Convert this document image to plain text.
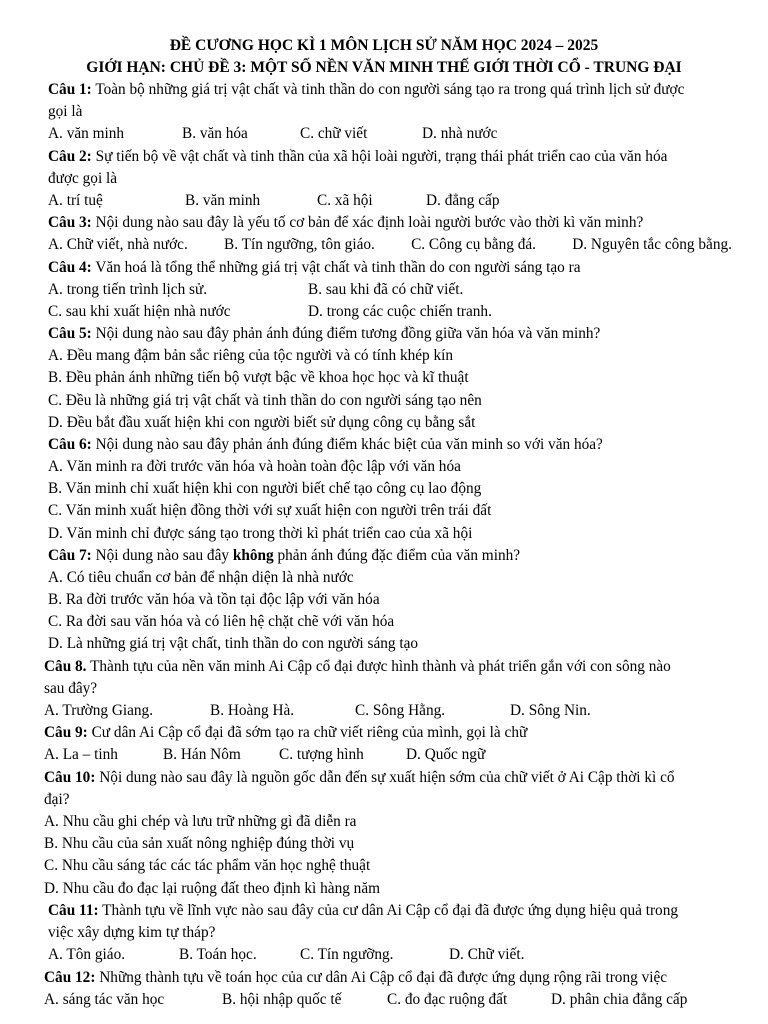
ĐỀ CƯƠNG HỌC KÌ 1 MÔN LỊCH SỬ NĂM HỌC 2024 – 2025
GIỚI HẠN: CHỦ ĐỀ 3: MỘT SỐ NỀN VĂN MINH THẾ GIỚI THỜI CỔ - TRUNG ĐẠI
Câu 1: Toàn bộ những giá trị vật chất và tinh thần do con người sáng tạo ra trong quá trình lịch sử được
gọi là
A. văn minh	B. văn hóa	C. chữ viết	D. nhà nước
Câu 2: Sự tiến bộ về vật chất và tinh thần của xã hội loài người, trạng thái phát triển cao của văn hóa
được gọi là
A. trí tuệ	B. văn minh	C. xã hội	D. đẳng cấp
Câu 3: Nội dung nào sau đây là yếu tố cơ bản để xác định loài người bước vào thời kì văn minh?
A. Chữ viết, nhà nước. B. Tín ngưỡng, tôn giáo. C. Công cụ bằng đá. D. Nguyên tắc công bằng.
Câu 4: Văn hoá là tổng thể những giá trị vật chất và tinh thần do con người sáng tạo ra
A. trong tiến trình lịch sử.	B. sau khi đã có chữ viết.
C. sau khi xuất hiện nhà nước	D. trong các cuộc chiến tranh.
Câu 5: Nội dung nào sau đây phản ánh đúng điểm tương đồng giữa văn hóa và văn minh?
A. Đều mang đậm bản sắc riêng của tộc người và có tính khép kín
B. Đều phản ánh những tiến bộ vượt bậc về khoa học học và kĩ thuật
C. Đều là những giá trị vật chất và tinh thần do con người sáng tạo nên
D. Đều bắt đầu xuất hiện khi con người biết sử dụng công cụ bằng sắt
Câu 6: Nội dung nào sau đây phản ánh đúng điểm khác biệt của văn minh so với văn hóa?
A. Văn minh ra đời trước văn hóa và hoàn toàn độc lập với văn hóa
B. Văn minh chỉ xuất hiện khi con người biết chế tạo công cụ lao động
C. Văn minh xuất hiện đồng thời với sự xuất hiện con người trên trái đất
D. Văn minh chỉ được sáng tạo trong thời kì phát triển cao của xã hội
Câu 7: Nội dung nào sau đây không phản ánh đúng đặc điểm của văn minh?
A. Có tiêu chuẩn cơ bản để nhận diện là nhà nước
B. Ra đời trước văn hóa và tồn tại độc lập với văn hóa
C. Ra đời sau văn hóa và có liên hệ chặt chẽ với văn hóa
D. Là những giá trị vật chất, tinh thần do con người sáng tạo
Câu 8. Thành tựu của nền văn minh Ai Cập cổ đại được hình thành và phát triển gắn với con sông nào
sau đây?
A. Trường Giang.	B. Hoàng Hà.	C. Sông Hằng.	D. Sông Nin.
Câu 9: Cư dân Ai Cập cổ đại đã sớm tạo ra chữ viết riêng của mình, gọi là chữ
A. La – tinh	B. Hán Nôm C. tượng hình	D. Quốc ngữ
Câu 10: Nội dung nào sau đây là nguồn gốc dẫn đến sự xuất hiện sớm của chữ viết ở Ai Cập thời kì cổ
đại?
A. Nhu cầu ghi chép và lưu trữ những gì đã diễn ra
B. Nhu cầu của sản xuất nông nghiệp đúng thời vụ
C. Nhu cầu sáng tác các tác phẩm văn học nghệ thuật
D. Nhu cầu đo đạc lại ruộng đất theo định kì hàng năm
Câu 11: Thành tựu về lĩnh vực nào sau đây của cư dân Ai Cập cổ đại đã được ứng dụng hiệu quả trong
việc xây dựng kim tự tháp?
A. Tôn giáo.	B. Toán học.	C. Tín ngưỡng.	D. Chữ viết.
Câu 12: Những thành tựu về toán học của cư dân Ai Cập cổ đại đã được ứng dụng rộng rãi trong việc
A. sáng tác văn học	B. hội nhập quốc tế	C. đo đạc ruộng đất	D. phân chia đẳng cấp
